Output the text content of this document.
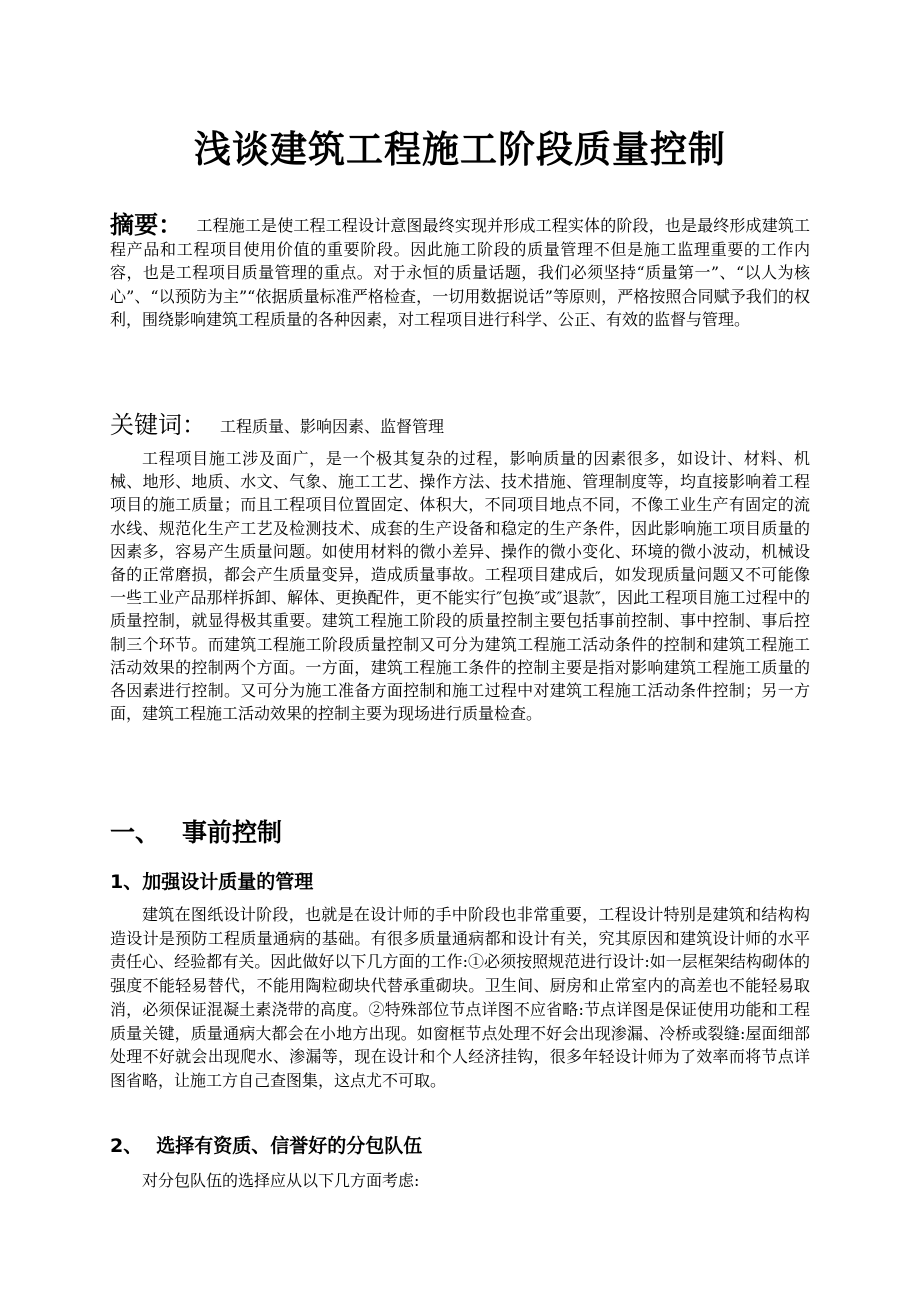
浅谈建筑工程施工阶段质量控制

摘要： 工程施工是使工程工程设计意图最终实现并形成工程实体的阶段，也是最终形成建筑工程产品和工程项目使用价值的重要阶段。因此施工阶段的质量管理不但是施工监理重要的工作内容，也是工程项目质量管理的重点。对于永恒的质量话题，我们必须坚持“质量第一”、“以人为核心”、“以预防为主”“依据质量标准严格检查，一切用数据说话”等原则，严格按照合同赋予我们的权利，围绕影响建筑工程质量的各种因素，对工程项目进行科学、公正、有效的监督与管理。

关键词： 工程质量、影响因素、监督管理

工程项目施工涉及面广，是一个极其复杂的过程，影响质量的因素很多，如设计、材料、机械、地形、地质、水文、气象、施工工艺、操作方法、技术措施、管理制度等，均直接影响着工程项目的施工质量；而且工程项目位置固定、体积大，不同项目地点不同，不像工业生产有固定的流水线、规范化生产工艺及检测技术、成套的生产设备和稳定的生产条件，因此影响施工项目质量的因素多，容易产生质量问题。如使用材料的微小差异、操作的微小变化、环境的微小波动，机械设备的正常磨损，都会产生质量变异，造成质量事故。工程项目建成后，如发现质量问题又不可能像一些工业产品那样拆卸、解体、更换配件，更不能实行″包换″或″退款″，因此工程项目施工过程中的质量控制，就显得极其重要。建筑工程施工阶段的质量控制主要包括事前控制、事中控制、事后控制三个环节。而建筑工程施工阶段质量控制又可分为建筑工程施工活动条件的控制和建筑工程施工活动效果的控制两个方面。一方面，建筑工程施工条件的控制主要是指对影响建筑工程施工质量的各因素进行控制。又可分为施工准备方面控制和施工过程中对建筑工程施工活动条件控制；另一方面，建筑工程施工活动效果的控制主要为现场进行质量检查。

一、 事前控制
1、加强设计质量的管理

建筑在图纸设计阶段，也就是在设计师的手中阶段也非常重要，工程设计特别是建筑和结构构造设计是预防工程质量通病的基础。有很多质量通病都和设计有关，究其原因和建筑设计师的水平责任心、经验都有关。因此做好以下几方面的工作:①必须按照规范进行设计:如一层框架结构砌体的强度不能轻易替代，不能用陶粒砌块代替承重砌块。卫生间、厨房和止常室内的高差也不能轻易取消，必须保证混凝土素浇带的高度。②特殊部位节点详图不应省略:节点详图是保证使用功能和工程质量关键，质量通病大都会在小地方出现。如窗框节点处理不好会出现渗漏、冷桥或裂缝:屋面细部处理不好就会出现爬水、渗漏等，现在设计和个人经济挂钩，很多年轻设计师为了效率而将节点详图省略，让施工方自己查图集，这点尤不可取。

2、 选择有资质、信誉好的分包队伍

对分包队伍的选择应从以下几方面考虑:
